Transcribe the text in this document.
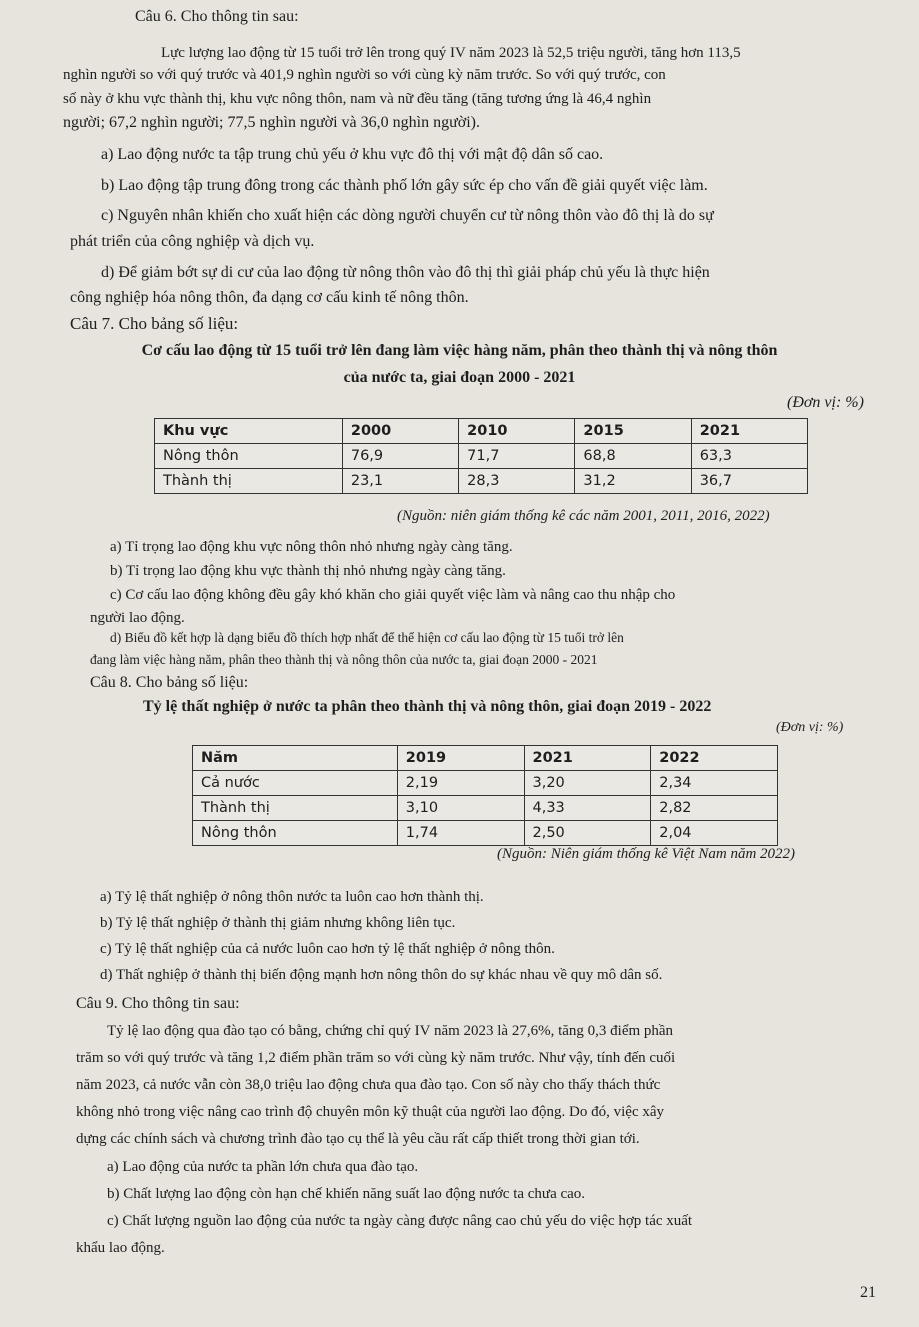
Câu 6. Cho thông tin sau:
Lực lượng lao động từ 15 tuổi trở lên trong quý IV năm 2023 là 52,5 triệu người, tăng hơn 113,5
nghìn người so với quý trước và 401,9 nghìn người so với cùng kỳ năm trước. So với quý trước, con
số này ở khu vực thành thị, khu vực nông thôn, nam và nữ đều tăng (tăng tương ứng là 46,4 nghìn
người; 67,2 nghìn người; 77,5 nghìn người và 36,0 nghìn người).
a) Lao động nước ta tập trung chủ yếu ở khu vực đô thị với mật độ dân số cao.
b) Lao động tập trung đông trong các thành phố lớn gây sức ép cho vấn đề giải quyết việc làm.
c) Nguyên nhân khiến cho xuất hiện các dòng người chuyển cư từ nông thôn vào đô thị là do sự
phát triển của công nghiệp và dịch vụ.
d) Để giảm bớt sự di cư của lao động từ nông thôn vào đô thị thì giải pháp chủ yếu là thực hiện
công nghiệp hóa nông thôn, đa dạng cơ cấu kinh tế nông thôn.
Câu 7. Cho bảng số liệu:
Cơ cấu lao động từ 15 tuổi trở lên đang làm việc hàng năm, phân theo thành thị và nông thôn
của nước ta, giai đoạn 2000 - 2021
(Đơn vị: %)
Khu vực	2000	2010	2015	2021
Nông thôn	76,9	71,7	68,8	63,3
Thành thị	23,1	28,3	31,2	36,7
(Nguồn: niên giám thống kê các năm 2001, 2011, 2016, 2022)
a) Tỉ trọng lao động khu vực nông thôn nhỏ nhưng ngày càng tăng.
b) Tỉ trọng lao động khu vực thành thị nhỏ nhưng ngày càng tăng.
c) Cơ cấu lao động không đều gây khó khăn cho giải quyết việc làm và nâng cao thu nhập cho
người lao động.
d) Biểu đồ kết hợp là dạng biểu đồ thích hợp nhất để thể hiện cơ cấu lao động từ 15 tuổi trở lên
đang làm việc hàng năm, phân theo thành thị và nông thôn của nước ta, giai đoạn 2000 - 2021
Câu 8. Cho bảng số liệu:
Tỷ lệ thất nghiệp ở nước ta phân theo thành thị và nông thôn, giai đoạn 2019 - 2022
(Đơn vị: %)
Năm	2019	2021	2022
Cả nước	2,19	3,20	2,34
Thành thị	3,10	4,33	2,82
Nông thôn	1,74	2,50	2,04
(Nguồn: Niên giám thống kê Việt Nam năm 2022)
a) Tỷ lệ thất nghiệp ở nông thôn nước ta luôn cao hơn thành thị.
b) Tỷ lệ thất nghiệp ở thành thị giảm nhưng không liên tục.
c) Tỷ lệ thất nghiệp của cả nước luôn cao hơn tỷ lệ thất nghiệp ở nông thôn.
d) Thất nghiệp ở thành thị biến động mạnh hơn nông thôn do sự khác nhau về quy mô dân số.
Câu 9. Cho thông tin sau:
Tỷ lệ lao động qua đào tạo có bằng, chứng chỉ quý IV năm 2023 là 27,6%, tăng 0,3 điểm phần
trăm so với quý trước và tăng 1,2 điểm phần trăm so với cùng kỳ năm trước. Như vậy, tính đến cuối
năm 2023, cả nước vẫn còn 38,0 triệu lao động chưa qua đào tạo. Con số này cho thấy thách thức
không nhỏ trong việc nâng cao trình độ chuyên môn kỹ thuật của người lao động. Do đó, việc xây
dựng các chính sách và chương trình đào tạo cụ thể là yêu cầu rất cấp thiết trong thời gian tới.
a) Lao động của nước ta phần lớn chưa qua đào tạo.
b) Chất lượng lao động còn hạn chế khiến năng suất lao động nước ta chưa cao.
c) Chất lượng nguồn lao động của nước ta ngày càng được nâng cao chủ yếu do việc hợp tác xuất
khẩu lao động.
21
